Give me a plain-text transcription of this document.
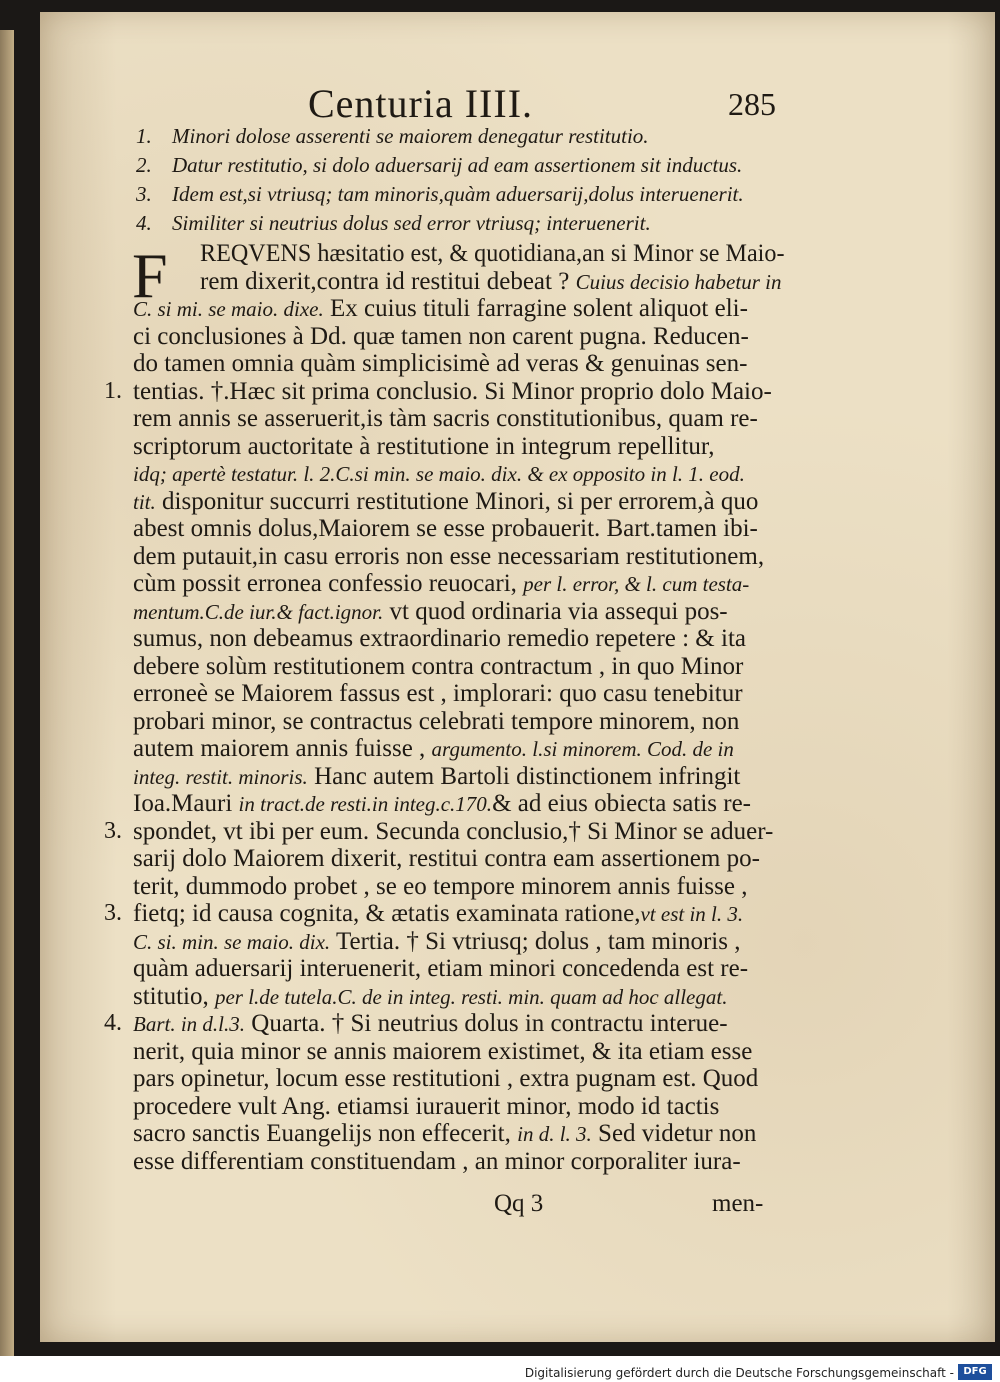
Centuria IIII.	285
1. Minori dolose asserenti se maiorem denegatur restitutio.
2. Datur restitutio, si dolo aduersarij ad eam assertionem sit inductus.
3. Idem est,si vtriusq; tam minoris,quàm aduersarij,dolus interuenerit.
4. Similiter si neutrius dolus sed error vtriusq; interuenerit.
F REQVENS hæsitatio est, & quotidiana,an si Minor se Maio-
rem dixerit,contra id restitui debeat ? Cuius decisio habetur in
C. si mi. se maio. dixe. Ex cuius tituli farragine solent aliquot eli-
ci conclusiones à Dd. quæ tamen non carent pugna. Reducen-
do tamen omnia quàm simplicisimè ad veras & genuinas sen-
tentias. †.Hæc sit prima conclusio. Si Minor proprio dolo Maio-
rem annis se asseruerit,is tàm sacris constitutionibus, quam re-
scriptorum auctoritate à restitutione in integrum repellitur,
idq; apertè testatur. l. 2.C.si min. se maio. dix. & ex opposito in l. 1. eod.
tit. disponitur succurri restitutione Minori, si per errorem,à quo
abest omnis dolus,Maiorem se esse probauerit. Bart.tamen ibi-
dem putauit,in casu erroris non esse necessariam restitutionem,
cùm possit erronea confessio reuocari, per l. error, & l. cum testa-
mentum.C.de iur.& fact.ignor. vt quod ordinaria via assequi pos-
sumus, non debeamus extraordinario remedio repetere : & ita
debere solùm restitutionem contra contractum , in quo Minor
erroneè se Maiorem fassus est , implorari: quo casu tenebitur
probari minor, se contractus celebrati tempore minorem, non
autem maiorem annis fuisse , argumento. l.si minorem. Cod. de in
integ. restit. minoris. Hanc autem Bartoli distinctionem infringit
Ioa.Mauri in tract.de resti.in integ.c.170.& ad eius obiecta satis re-
spondet, vt ibi per eum. Secunda conclusio,† Si Minor se aduer-
sarij dolo Maiorem dixerit, restitui contra eam assertionem po-
terit, dummodo probet , se eo tempore minorem annis fuisse ,
fietq; id causa cognita, & ætatis examinata ratione,vt est in l. 3.
C. si. min. se maio. dix. Tertia. † Si vtriusq; dolus , tam minoris ,
quàm aduersarij interuenerit, etiam minori concedenda est re-
stitutio, per l.de tutela.C. de in integ. resti. min. quam ad hoc allegat.
Bart. in d.l.3. Quarta. † Si neutrius dolus in contractu interue-
nerit, quia minor se annis maiorem existimet, & ita etiam esse
pars opinetur, locum esse restitutioni , extra pugnam est. Quod
procedere vult Ang. etiamsi iurauerit minor, modo id tactis
sacro sanctis Euangelijs non effecerit, in d. l. 3. Sed videtur non
esse differentiam constituendam , an minor corporaliter iura-
1.
3.
3.
4.
Qq 3	men-
Digitalisierung gefördert durch die Deutsche Forschungsgemeinschaft - DFG
